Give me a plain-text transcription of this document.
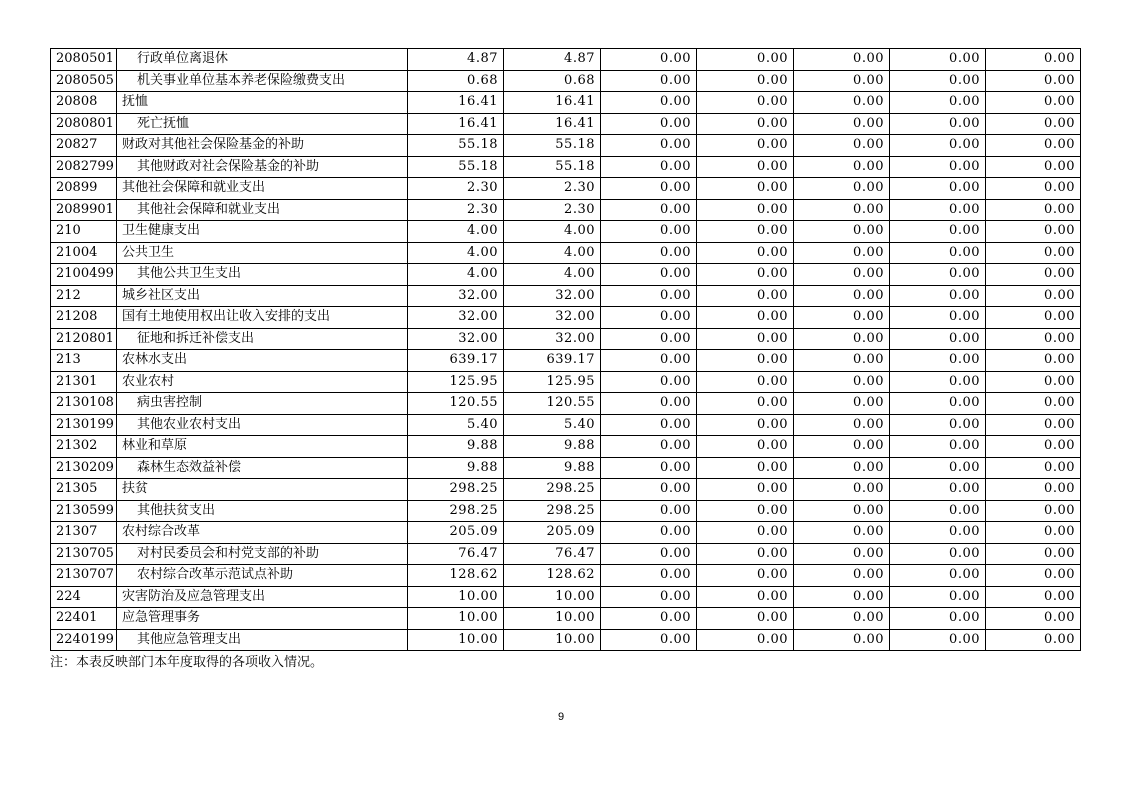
2080501	行政单位离退休	4.87	4.87	0.00	0.00	0.00	0.00	0.00
2080505	机关事业单位基本养老保险缴费支出	0.68	0.68	0.00	0.00	0.00	0.00	0.00
20808	抚恤	16.41	16.41	0.00	0.00	0.00	0.00	0.00
2080801	死亡抚恤	16.41	16.41	0.00	0.00	0.00	0.00	0.00
20827	财政对其他社会保险基金的补助	55.18	55.18	0.00	0.00	0.00	0.00	0.00
2082799	其他财政对社会保险基金的补助	55.18	55.18	0.00	0.00	0.00	0.00	0.00
20899	其他社会保障和就业支出	2.30	2.30	0.00	0.00	0.00	0.00	0.00
2089901	其他社会保障和就业支出	2.30	2.30	0.00	0.00	0.00	0.00	0.00
210	卫生健康支出	4.00	4.00	0.00	0.00	0.00	0.00	0.00
21004	公共卫生	4.00	4.00	0.00	0.00	0.00	0.00	0.00
2100499	其他公共卫生支出	4.00	4.00	0.00	0.00	0.00	0.00	0.00
212	城乡社区支出	32.00	32.00	0.00	0.00	0.00	0.00	0.00
21208	国有土地使用权出让收入安排的支出	32.00	32.00	0.00	0.00	0.00	0.00	0.00
2120801	征地和拆迁补偿支出	32.00	32.00	0.00	0.00	0.00	0.00	0.00
213	农林水支出	639.17	639.17	0.00	0.00	0.00	0.00	0.00
21301	农业农村	125.95	125.95	0.00	0.00	0.00	0.00	0.00
2130108	病虫害控制	120.55	120.55	0.00	0.00	0.00	0.00	0.00
2130199	其他农业农村支出	5.40	5.40	0.00	0.00	0.00	0.00	0.00
21302	林业和草原	9.88	9.88	0.00	0.00	0.00	0.00	0.00
2130209	森林生态效益补偿	9.88	9.88	0.00	0.00	0.00	0.00	0.00
21305	扶贫	298.25	298.25	0.00	0.00	0.00	0.00	0.00
2130599	其他扶贫支出	298.25	298.25	0.00	0.00	0.00	0.00	0.00
21307	农村综合改革	205.09	205.09	0.00	0.00	0.00	0.00	0.00
2130705	对村民委员会和村党支部的补助	76.47	76.47	0.00	0.00	0.00	0.00	0.00
2130707	农村综合改革示范试点补助	128.62	128.62	0.00	0.00	0.00	0.00	0.00
224	灾害防治及应急管理支出	10.00	10.00	0.00	0.00	0.00	0.00	0.00
22401	应急管理事务	10.00	10.00	0.00	0.00	0.00	0.00	0.00
2240199	其他应急管理支出	10.00	10.00	0.00	0.00	0.00	0.00	0.00
注：本表反映部门本年度取得的各项收入情况。
9
